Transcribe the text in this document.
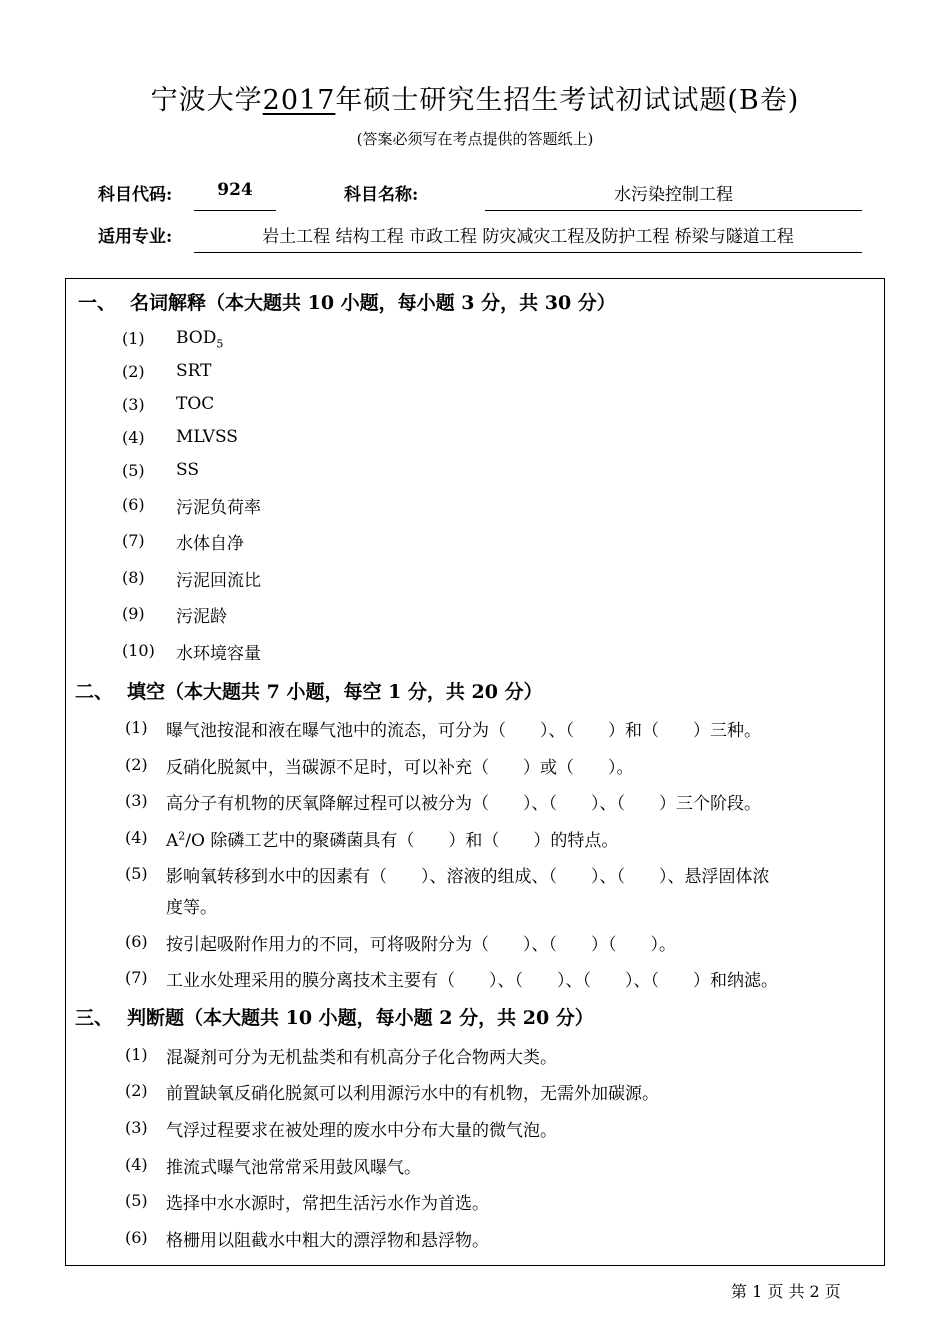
宁波大学2017年硕士研究生招生考试初试试题(B卷)
(答案必须写在考点提供的答题纸上)
科目代码:	924	科目名称:	水污染控制工程
适用专业:	岩土工程 结构工程 市政工程 防灾减灾工程及防护工程 桥梁与隧道工程
一、 名词解释（本大题共 10 小题，每小题 3 分，共 30 分）
(1) $BOD_5$
(2) SRT
(3) TOC
(4) MLVSS
(5) SS
(6) 污泥负荷率
(7) 水体自净
(8) 污泥回流比
(9) 污泥龄
(10) 水环境容量
二、 填空（本大题共 7 小题，每空 1 分，共 20 分）
(1) 曝气池按混和液在曝气池中的流态，可分为（　　）、（　　）和（　　）三种。
(2) 反硝化脱氮中，当碳源不足时，可以补充（　　）或（　　）。
(3) 高分子有机物的厌氧降解过程可以被分为（　　）、（　　）、（　　）三个阶段。
(4) $A^2/O$ 除磷工艺中的聚磷菌具有（　　）和（　　）的特点。
(5) 影响氧转移到水中的因素有（　　）、溶液的组成、（　　）、（　　）、悬浮固体浓
度等。
(6) 按引起吸附作用力的不同，可将吸附分为（　　）、（　　）（　　）。
(7) 工业水处理采用的膜分离技术主要有（　　）、（　　）、（　　）、（　　）和纳滤。
三、 判断题（本大题共 10 小题，每小题 2 分，共 20 分）
(1) 混凝剂可分为无机盐类和有机高分子化合物两大类。
(2) 前置缺氧反硝化脱氮可以利用源污水中的有机物，无需外加碳源。
(3) 气浮过程要求在被处理的废水中分布大量的微气泡。
(4) 推流式曝气池常常采用鼓风曝气。
(5) 选择中水水源时，常把生活污水作为首选。
(6) 格栅用以阻截水中粗大的漂浮物和悬浮物。
第 1 页 共 2 页
